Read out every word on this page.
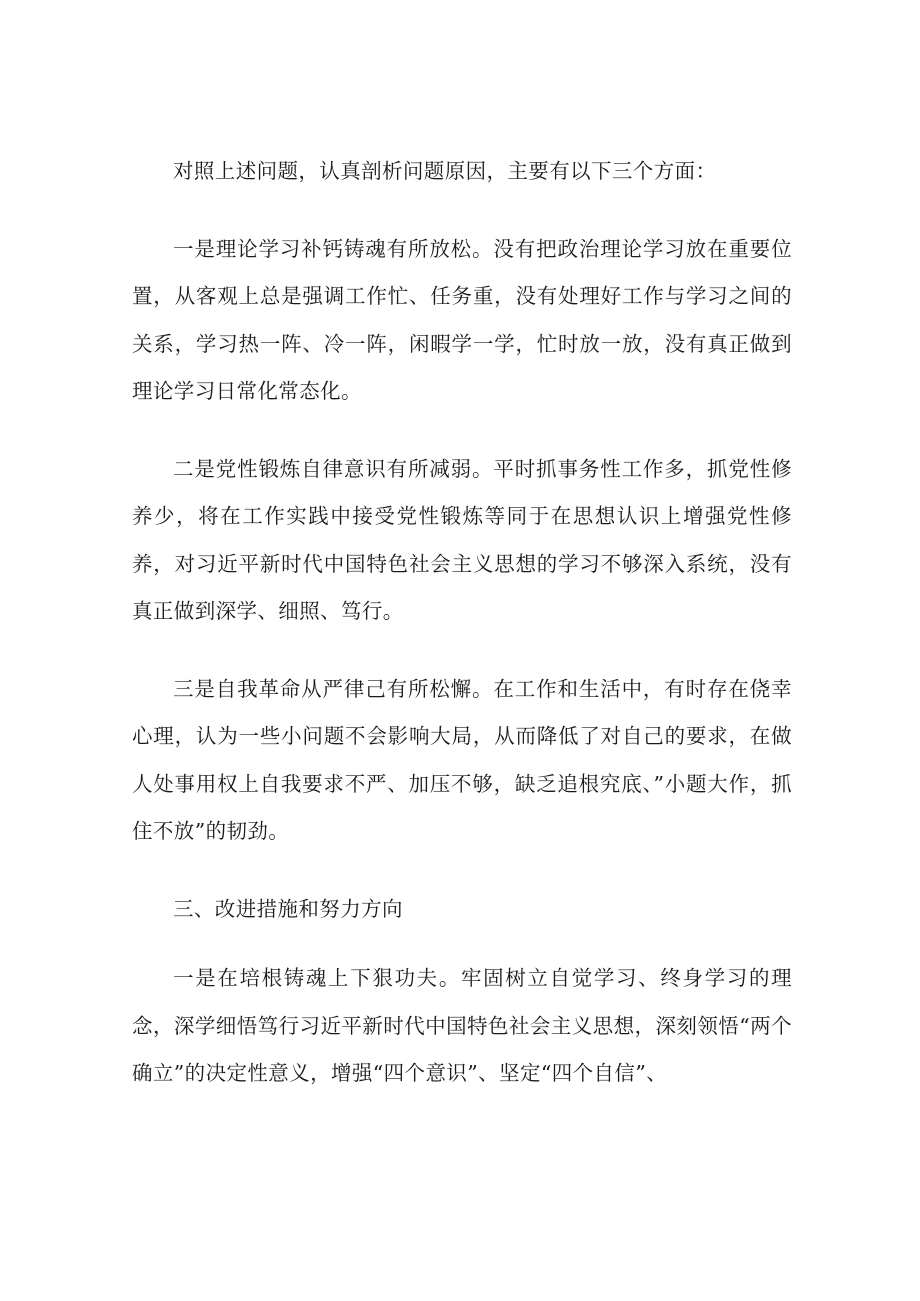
对照上述问题，认真剖析问题原因，主要有以下三个方面：

一是理论学习补钙铸魂有所放松。没有把政治理论学习放在重要位置，从客观上总是强调工作忙、任务重，没有处理好工作与学习之间的关系，学习热一阵、冷一阵，闲暇学一学，忙时放一放，没有真正做到理论学习日常化常态化。

二是党性锻炼自律意识有所减弱。平时抓事务性工作多，抓党性修养少，将在工作实践中接受党性锻炼等同于在思想认识上增强党性修养，对习近平新时代中国特色社会主义思想的学习不够深入系统，没有真正做到深学、细照、笃行。

三是自我革命从严律己有所松懈。在工作和生活中，有时存在侥幸心理，认为一些小问题不会影响大局，从而降低了对自己的要求，在做人处事用权上自我要求不严、加压不够，缺乏追根究底、”小题大作，抓住不放”的韧劲。

三、改进措施和努力方向

一是在培根铸魂上下狠功夫。牢固树立自觉学习、终身学习的理念，深学细悟笃行习近平新时代中国特色社会主义思想，深刻领悟“两个确立”的决定性意义，增强“四个意识”、坚定“四个自信”、
